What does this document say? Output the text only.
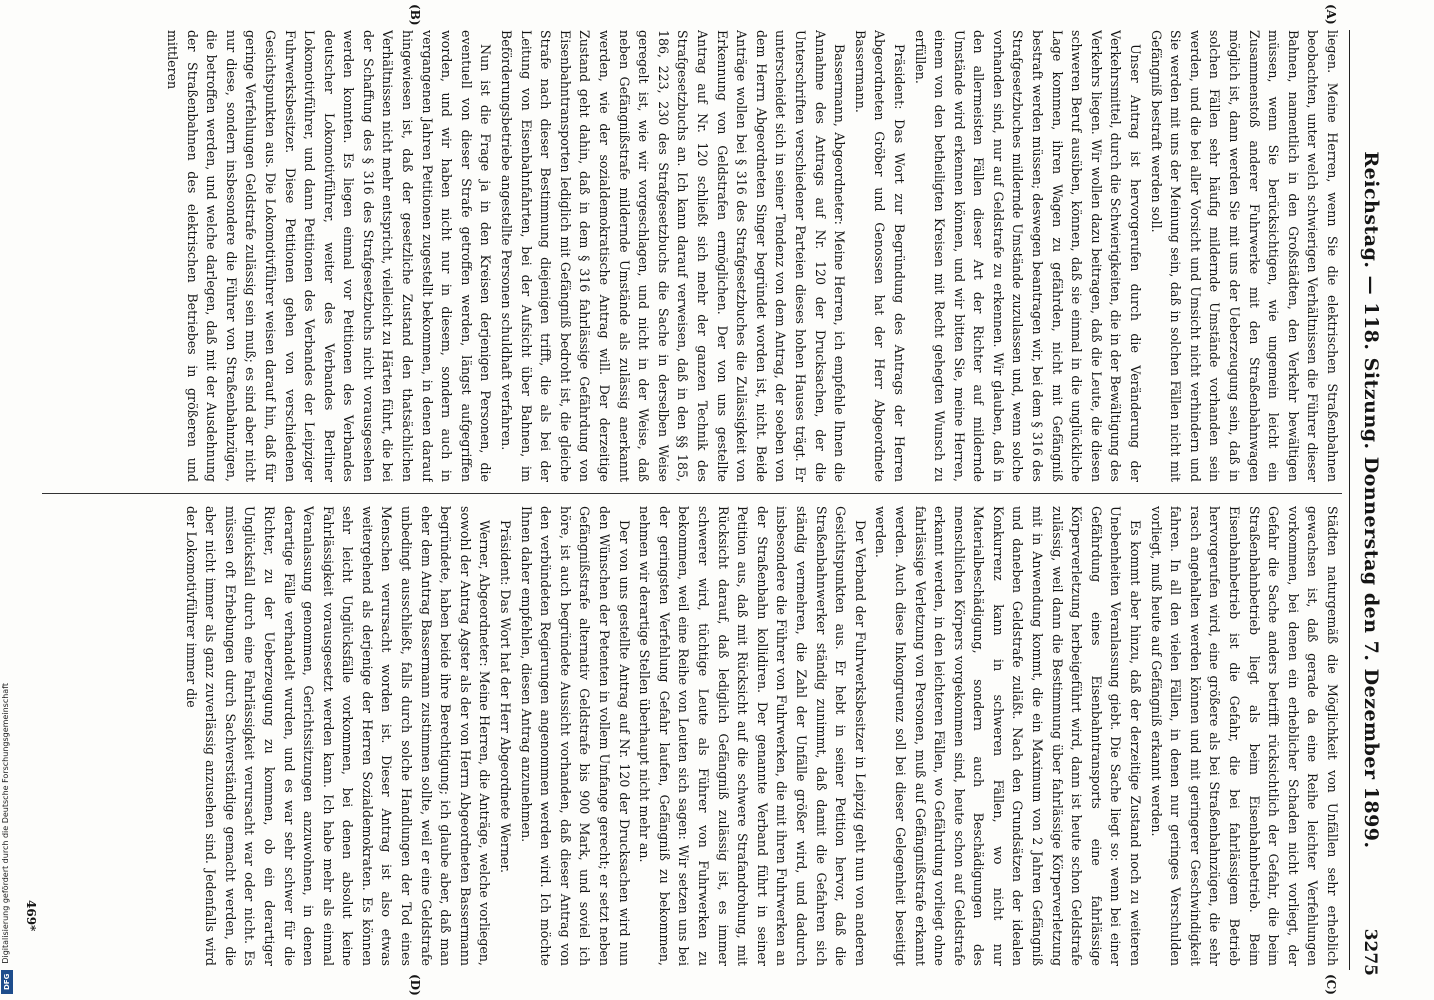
Reichstag. — 118. Sitzung. Donnerstag den 7. Dezember 1899.
3275
(A)
(B)
(C)
(D)

liegen. Meine Herren, wenn Sie die elektrischen Straßenbahnen beobachten, unter welch schwierigen Verhältnissen die Führer dieser Bahnen, namentlich in den Großstädten, den Verkehr bewältigen müssen, wenn Sie berücksichtigen, wie ungemein leicht ein Zusammenstoß anderer Fuhrwerke mit den Straßenbahnwagen möglich ist, dann werden Sie mit uns der Ueberzeugung sein, daß in solchen Fällen sehr häufig mildernde Umstände vorhanden sein werden, und die bei aller Vorsicht und Umsicht nicht verhindern und Sie werden mit uns der Meinung sein, daß in solchen Fällen nicht mit Gefängniß bestraft werden soll.

Unser Antrag ist hervorgerufen durch die Veränderung der Verkehrsmittel, durch die Schwierigkeiten, die in der Bewältigung des Verkehrs liegen. Wir wollen dazu beitragen, daß die Leute, die diesen schweren Beruf ausüben, können, daß sie einmal in die unglückliche Lage kommen, ihren Wagen zu gefährden, nicht mit Gefängniß bestraft werden müssen; deswegen beantragen wir, bei dem § 316 des Strafgesetzbuches mildernde Umstände zuzulassen und, wenn solche vorhanden sind, nur auf Geldstrafe zu erkennen. Wir glauben, daß in den allermeisten Fällen dieser Art der Richter auf mildernde Umstände wird erkennen können, und wir bitten Sie, meine Herren, einem von den betheiligten Kreisen mit Recht gehegten Wunsch zu erfüllen.

Präsident: Das Wort zur Begründung des Antrags der Herren Abgeordneten Gröber und Genossen hat der Herr Abgeordnete Bassermann.

Bassermann, Abgeordneter: Meine Herren, ich empfehle Ihnen die Annahme des Antrags auf Nr. 120 der Drucksachen, der die Unterschriften verschiedener Parteien dieses hohen Hauses trägt. Er unterscheidet sich in seiner Tendenz von dem Antrag, der soeben von dem Herrn Abgeordneten Singer begründet worden ist, nicht. Beide Anträge wollen bei § 316 des Strafgesetzbuches die Zulässigkeit von Erkennung von Geldstrafen ermöglichen. Der von uns gestellte Antrag auf Nr. 120 schließt sich mehr der ganzen Technik des Strafgesetzbuchs an. Ich kann darauf verweisen, daß in den §§ 185, 186, 223, 230 des Strafgesetzbuchs die Sache in derselben Weise geregelt ist, wie wir vorgeschlagen, und nicht in der Weise, daß neben Gefängnißstrafe mildernde Umstände als zulässig anerkannt werden, wie der sozialdemokratische Antrag will. Der derzeitige Zustand geht dahin, daß in dem § 316 fahrlässige Gefährdung von Eisenbahntransporten lediglich mit Gefängniß bedroht ist, die gleiche Strafe nach dieser Bestimmung diejenigen trifft, die als bei der Leitung von Eisenbahnfahrten, bei der Aufsicht über Bahnen, im Beförderungsbetriebe angestellte Personen schuldhaft verfahren.

Nun ist die Frage ja in den Kreisen derjenigen Personen, die eventuell von dieser Strafe getroffen werden, längst aufgegriffen worden, und wir haben nicht nur in diesem, sondern auch in vergangenen Jahren Petitionen zugestellt bekommen, in denen darauf hingewiesen ist, daß der gesetzliche Zustand den thatsächlichen Verhältnissen nicht mehr entspricht, vielleicht zu Härten führt, die bei der Schaffung des § 316 des Strafgesetzbuchs nicht vorausgesehen werden konnten. Es liegen einmal vor Petitionen des Verbandes deutscher Lokomotivführer, weiter des Verbandes Berliner Lokomotivführer, und dann Petitionen des Verbandes der Leipziger Fuhrwerksbesitzer. Diese Petitionen gehen von verschiedenen Gesichtspunkten aus. Die Lokomotivführer weisen darauf hin, daß für geringe Verfehlungen Geldstrafe zulässig sein muß; es sind aber nicht nur diese, sondern insbesondere die Führer von Straßenbahnzügen, die betroffen werden, und welche darlegen, daß mit der Ausdehnung der Straßenbahnen des elektrischen Betriebes in größeren und mittleren

Städten naturgemäß die Möglichkeit von Unfällen sehr erheblich gewachsen ist, daß gerade da eine Reihe leichter Verfehlungen vorkommen, bei denen ein erheblicher Schaden nicht vorliegt, der Gefahr die Sache anders betrifft rücksichtlich der Gefahr, die beim Straßenbahnbetrieb liegt als beim Eisenbahnbetrieb. Beim Eisenbahnbetrieb ist die Gefahr, die bei fahrlässigem Betrieb hervorgerufen wird, eine größere als bei Straßenbahnzügen, die sehr rasch angehalten werden können und mit geringerer Geschwindigkeit fahren. In all den vielen Fällen, in denen nur geringes Verschulden vorliegt, muß heute auf Gefängniß erkannt werden.

Es kommt aber hinzu, daß der derzeitige Zustand noch zu weiteren Unebenheiten Veranlassung giebt. Die Sache liegt so: wenn bei einer Gefährdung eines Eisenbahntransports eine fahrlässige Körperverletzung herbeigeführt wird, dann ist heute schon Geldstrafe zulässig, weil dann die Bestimmung über fahrlässige Körperverletzung mit in Anwendung kommt, die ein Maximum von 2 Jahren Gefängniß und daneben Geldstrafe zuläßt. Nach den Grundsätzen der idealen Konkurrenz kann in schweren Fällen, wo nicht nur Materialbeschädigung, sondern auch Beschädigungen des menschlichen Körpers vorgekommen sind, heute schon auf Geldstrafe erkannt werden, in den leichteren Fällen, wo Gefährdung vorliegt ohne fahrlässige Verletzung von Personen, muß auf Gefängnißstrafe erkannt werden. Auch diese Inkongruenz soll bei dieser Gelegenheit beseitigt werden.

Der Verband der Fuhrwerksbesitzer in Leipzig geht nun von anderen Gesichtspunkten aus. Er hebt in seiner Petition hervor, daß die Straßenbahnwerker ständig zunimmt, daß damit die Gefahren sich ständig vermehren, die Zahl der Unfälle größer wird, und dadurch insbesondere die Führer von Fuhrwerken, die mit ihren Fuhrwerken an der Straßenbahn kollidiren. Der genannte Verband führt in seiner Petition aus, daß mit Rücksicht auf die schwere Strafandrohung, mit Rücksicht darauf, daß lediglich Gefängniß zulässig ist, es immer schwerer wird, tüchtige Leute als Führer von Fuhrwerken zu bekommen, weil eine Reihe von Leuten sich sagen: Wir setzen uns bei der geringsten Verfehlung Gefahr laufen, Gefängniß zu bekommen, nehmen wir derartige Stellen überhaupt nicht mehr an.

Der von uns gestellte Antrag auf Nr. 120 der Drucksachen wird nun den Wünschen der Petenten in vollem Umfange gerecht; er setzt neben Gefängnißstrafe alternativ Geldstrafe bis 900 Mark, und soviel ich höre, ist auch begründete Aussicht vorhanden, daß dieser Antrag von den verbündeten Regierungen angenommen werden wird. Ich möchte Ihnen daher empfehlen, diesen Antrag anzunehmen.

Präsident: Das Wort hat der Herr Abgeordnete Werner.

Werner, Abgeordneter: Meine Herren, die Anträge, welche vorliegen, sowohl der Antrag Agster als der von Herrn Abgeordneten Bassermann begründete, haben beide ihre Berechtigung; ich glaube aber, daß man eher dem Antrag Bassermann zustimmen sollte, weil er eine Geldstrafe unbedingt ausschließt, falls durch solche Handlungen der Tod eines Menschen verursacht worden ist. Dieser Antrag ist also etwas weitergehend als derjenige der Herren Sozialdemokraten. Es können sehr leicht Unglücksfälle vorkommen, bei denen absolut keine Fahrlässigkeit vorausgesetzt werden kann. Ich habe mehr als einmal Veranlassung genommen, Gerichtssitzungen anzuwohnen, in denen derartige Fälle verhandelt wurden, und es war sehr schwer für die Richter, zu der Ueberzeugung zu kommen, ob ein derartiger Unglücksfall durch eine Fahrlässigkeit verursacht war oder nicht. Es müssen oft Erhebungen durch Sachverständige gemacht werden, die aber nicht immer als ganz zuverlässig anzusehen sind. Jedenfalls wird der Lokomotivführer immer die

469*
Digitalisierung gefördert durch die Deutsche Forschungsgemeinschaft
DFG
